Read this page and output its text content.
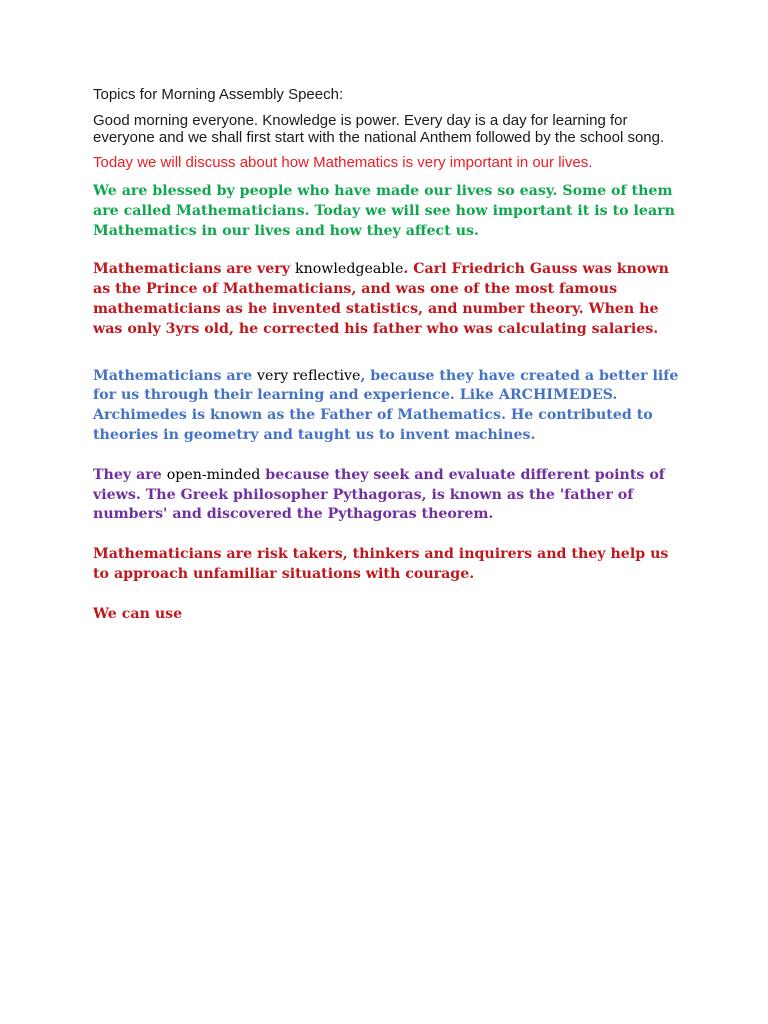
Topics for Morning Assembly Speech:

Good morning everyone. Knowledge is power. Every day is a day for learning for everyone and we shall first start with the national Anthem followed by the school song.

Today we will discuss about how Mathematics is very important in our lives.

We are blessed by people who have made our lives so easy. Some of them are called Mathematicians. Today we will see how important it is to learn Mathematics in our lives and how they affect us.

Mathematicians are very knowledgeable. Carl Friedrich Gauss was known as the Prince of Mathematicians, and was one of the most famous mathematicians as he invented statistics, and number theory. When he was only 3yrs old, he corrected his father who was calculating salaries.

Mathematicians are very reflective, because they have created a better life for us through their learning and experience. Like ARCHIMEDES. Archimedes is known as the Father of Mathematics. He contributed to theories in geometry and taught us to invent machines.

They are open-minded because they seek and evaluate different points of views. The Greek philosopher Pythagoras, is known as the 'father of numbers' and discovered the Pythagoras theorem.

Mathematicians are risk takers, thinkers and inquirers and they help us to approach unfamiliar situations with courage.

We can use
